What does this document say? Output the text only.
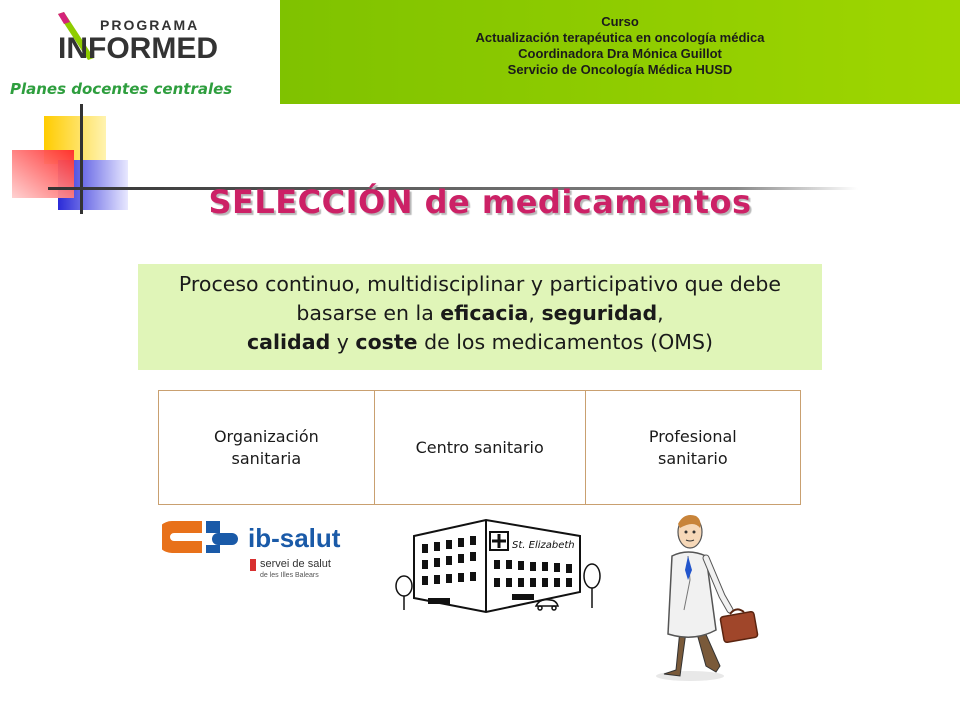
PROGRAMA
INFORMED
Planes docentes centrales
Curso
Actualización terapéutica en oncología médica
Coordinadora Dra Mónica Guillot
Servicio de Oncología Médica HUSD
SELECCIÓN de medicamentos
Proceso continuo, multidisciplinar y participativo que debe basarse en la eficacia, seguridad,
calidad y coste de los medicamentos (OMS)
Organización sanitaria	Centro sanitario	Profesional sanitario
ib-salut
servei de salut
de les Illes Balears
St. Elizabeth
